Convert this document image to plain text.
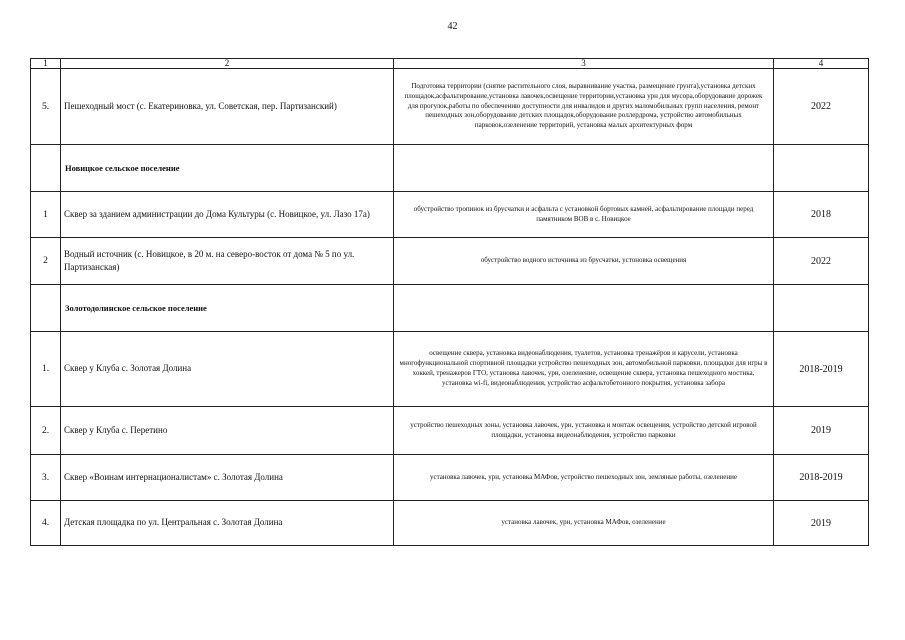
42
1	2	3	4
5.	Пешеходный мост (с. Екатериновка, ул. Советская, пер. Партизанский)	Подготовка территории (снятие растительного слоя, выравнивание участка, размещение грунта),установка детских площадок,асфальтирование,установка лавочек,освещение территории,установка урн для мусора,оборудование дорожек для прогулок,работы по обеспечению доступности для инвалидов и других маломобильных групп населения, ремонт пешеходных зон,оборудование детских площадок,оборудование роллердрома, устройство автомобильных парковок,озеленение территорий, установка малых архитектурных форм	2022
	Новицкое сельское поселение		
1	Сквер за зданием администрации до Дома Культуры (с. Новицкое, ул. Лазо 17а)	обустройство тропинок из брусчатки и асфальта с установкой бортовых камней, асфальтирование площади перед памятником ВОВ в с. Новицкое	2018
2	Водный источник (с. Новицкое, в 20 м. на северо-восток от дома № 5 по ул. Партизанская)	обустройство водного источника из брусчатки, устоновка освещения	2022
	Золотодолинское сельское поселение		
1.	Сквер у Клуба с. Золотая Долина	освещение сквера, установка видеонаблюдения, туалетов, установка тренажёров и карусели, установка многофункциональной спортивной площадки устройство пешеходных зон, автомобильной парковки, площадки для игры в хоккей, тренажеров ГТО, установка лавочек, урн, озеленение, освещение сквера, установка пешеходного мостика, установка wi-fi, видеонаблюдения, устройство асфальтобетонного покрытия, установка забора	2018-2019
2.	Сквер у Клуба с. Перетино	устройство пешеходных зоны, установка лавочек, урн, установка и монтаж освещения, устройство детской игровой площадки, установка видеонаблюдения, устройство парковки	2019
3.	Сквер «Воинам интернационалистам» с. Золотая Долина	установка лавочек, урн, установка МАФов, устройство пешеходных зон, земляные работы, озеленение	2018-2019
4.	Детская площадка по ул. Центральная с. Золотая Долина	установка лавочек, урн, установка МАФов, озеленение	2019
